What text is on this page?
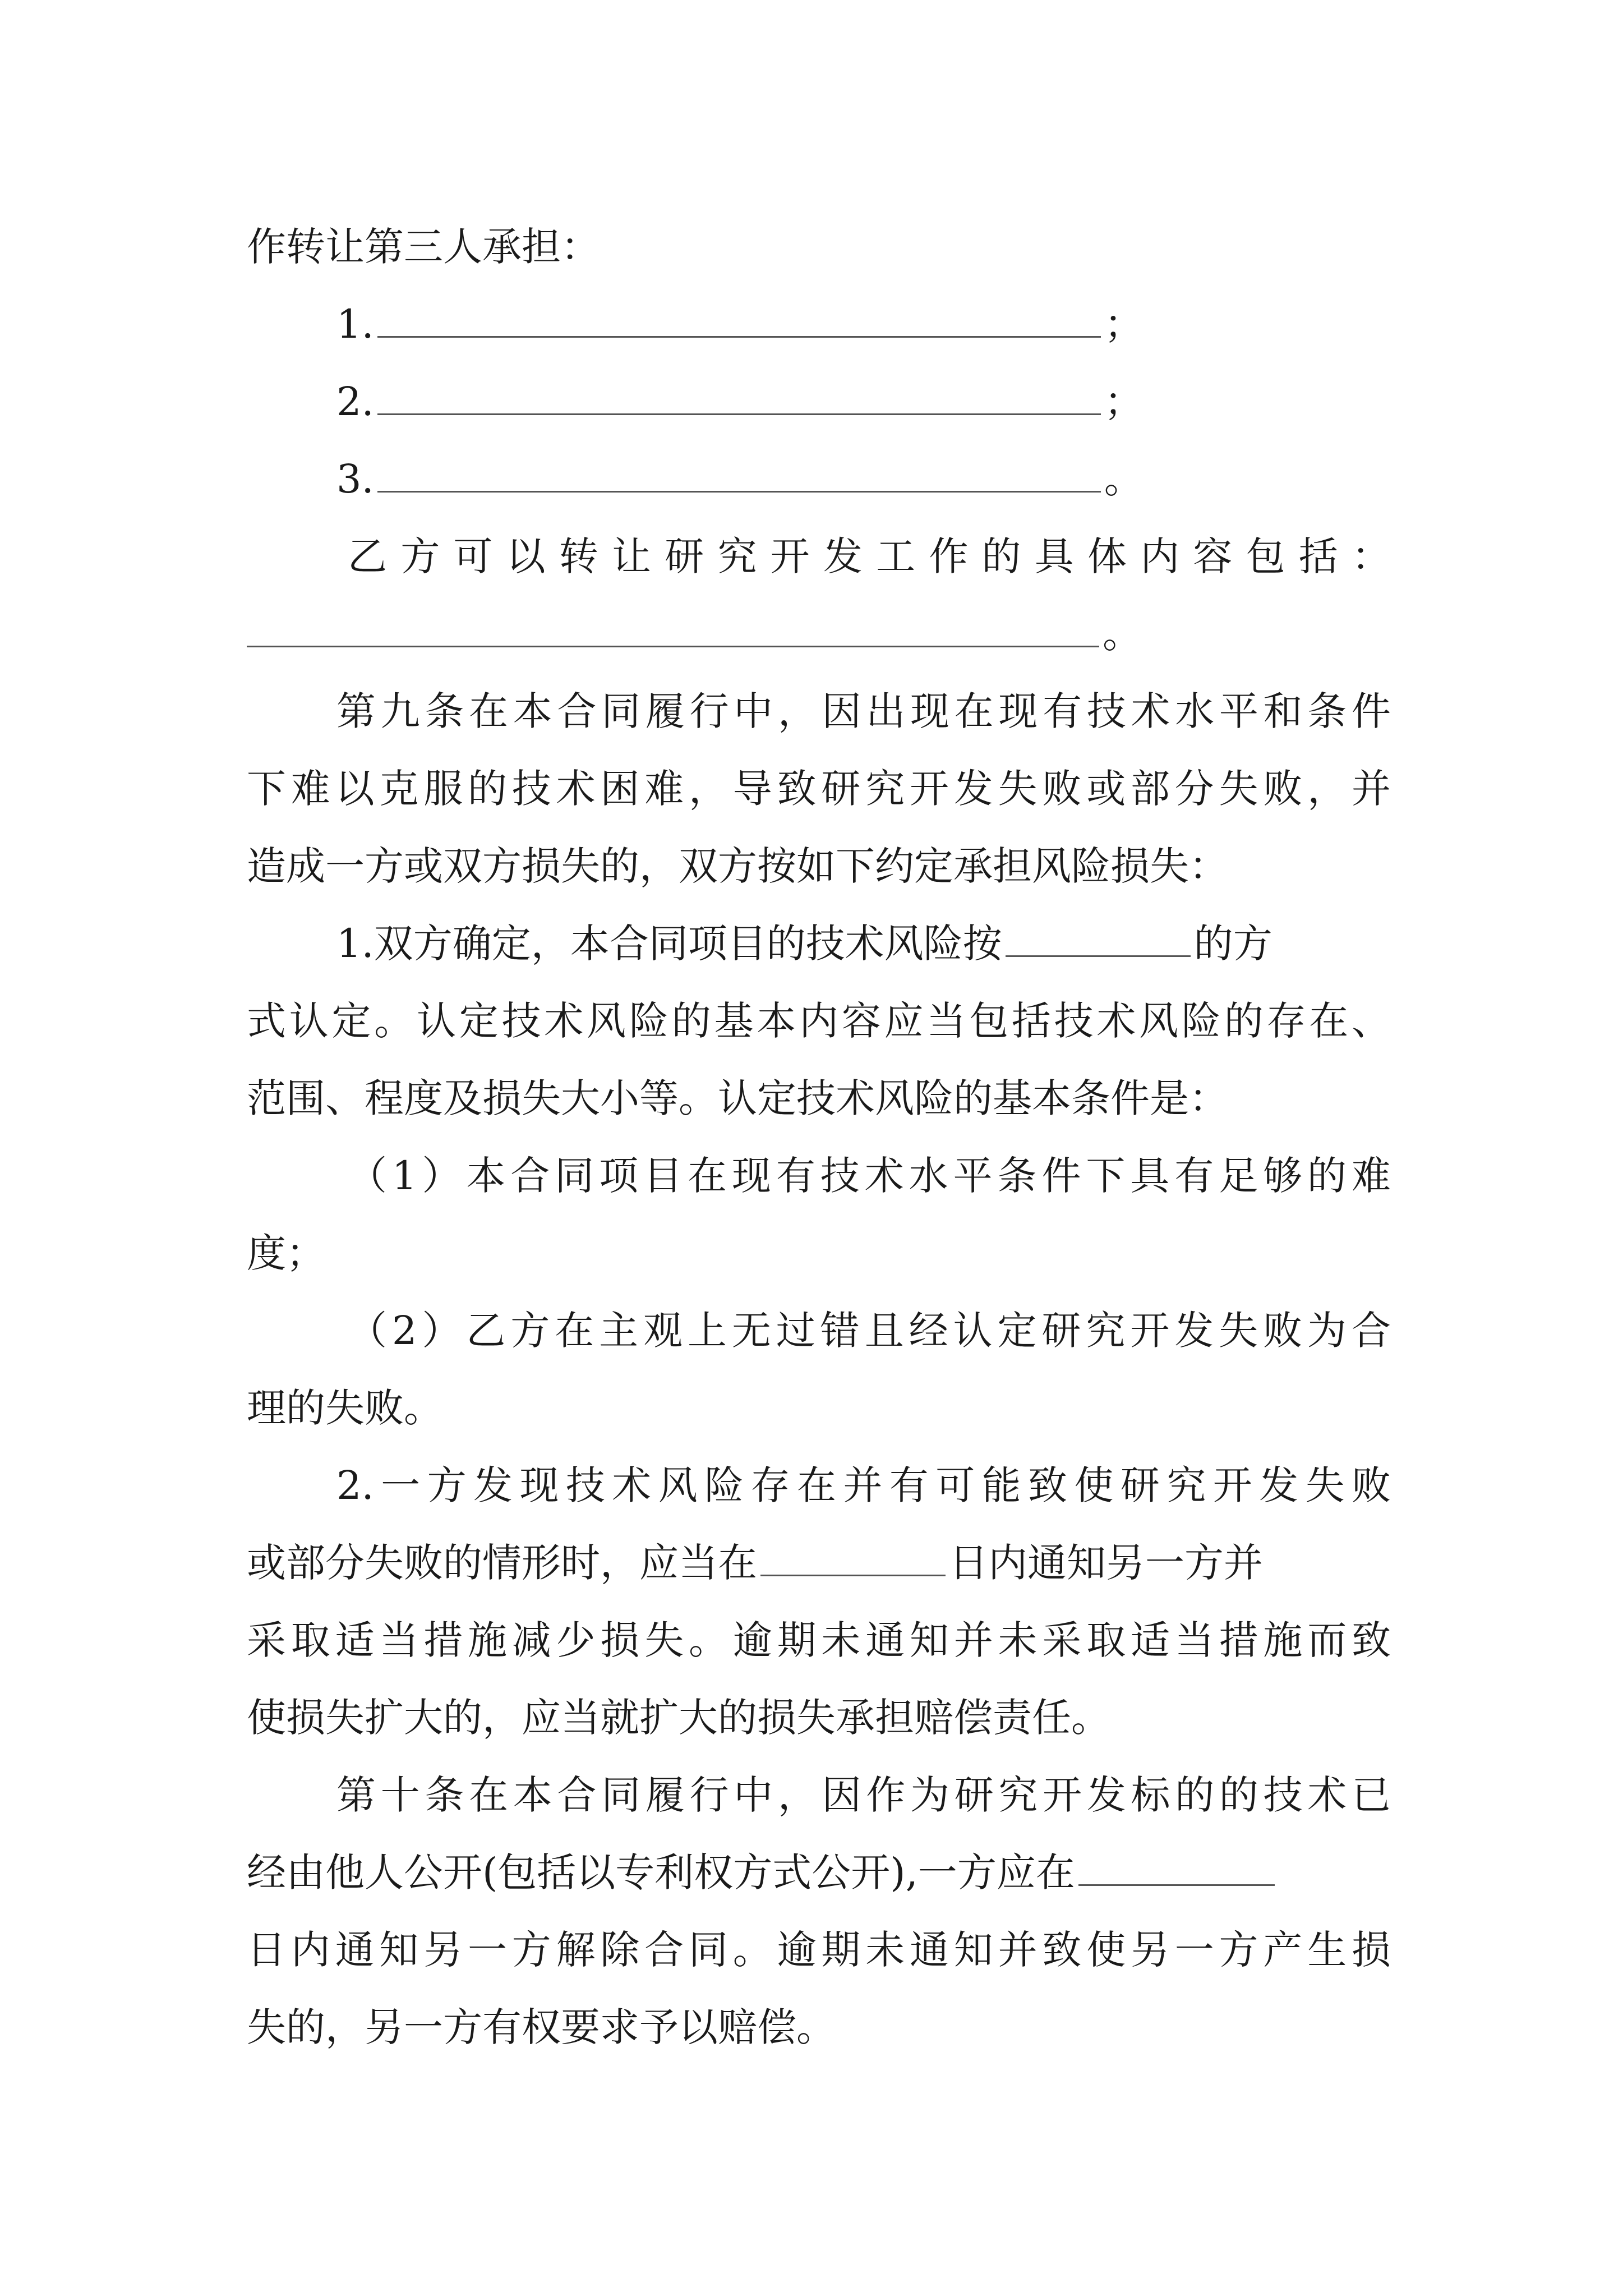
作转让第三人承担：
1.	；
2.	；
3.	。
乙方可以转让研究开发工作的具体内容包括：
。
第九条在本合同履行中，因出现在现有技术水平和条件
下难以克服的技术困难，导致研究开发失败或部分失败，并
造成一方或双方损失的，双方按如下约定承担风险损失：
1.双方确定，本合同项目的技术风险按	的方
式认定。认定技术风险的基本内容应当包括技术风险的存在、
范围、程度及损失大小等。认定技术风险的基本条件是：
（1）本合同项目在现有技术水平条件下具有足够的难
度；
（2）乙方在主观上无过错且经认定研究开发失败为合
理的失败。
2.一方发现技术风险存在并有可能致使研究开发失败
或部分失败的情形时，应当在	日内通知另一方并
采取适当措施减少损失。逾期未通知并未采取适当措施而致
使损失扩大的，应当就扩大的损失承担赔偿责任。
第十条在本合同履行中，因作为研究开发标的的技术已
经由他人公开(包括以专利权方式公开),一方应在
日内通知另一方解除合同。逾期未通知并致使另一方产生损
失的，另一方有权要求予以赔偿。
